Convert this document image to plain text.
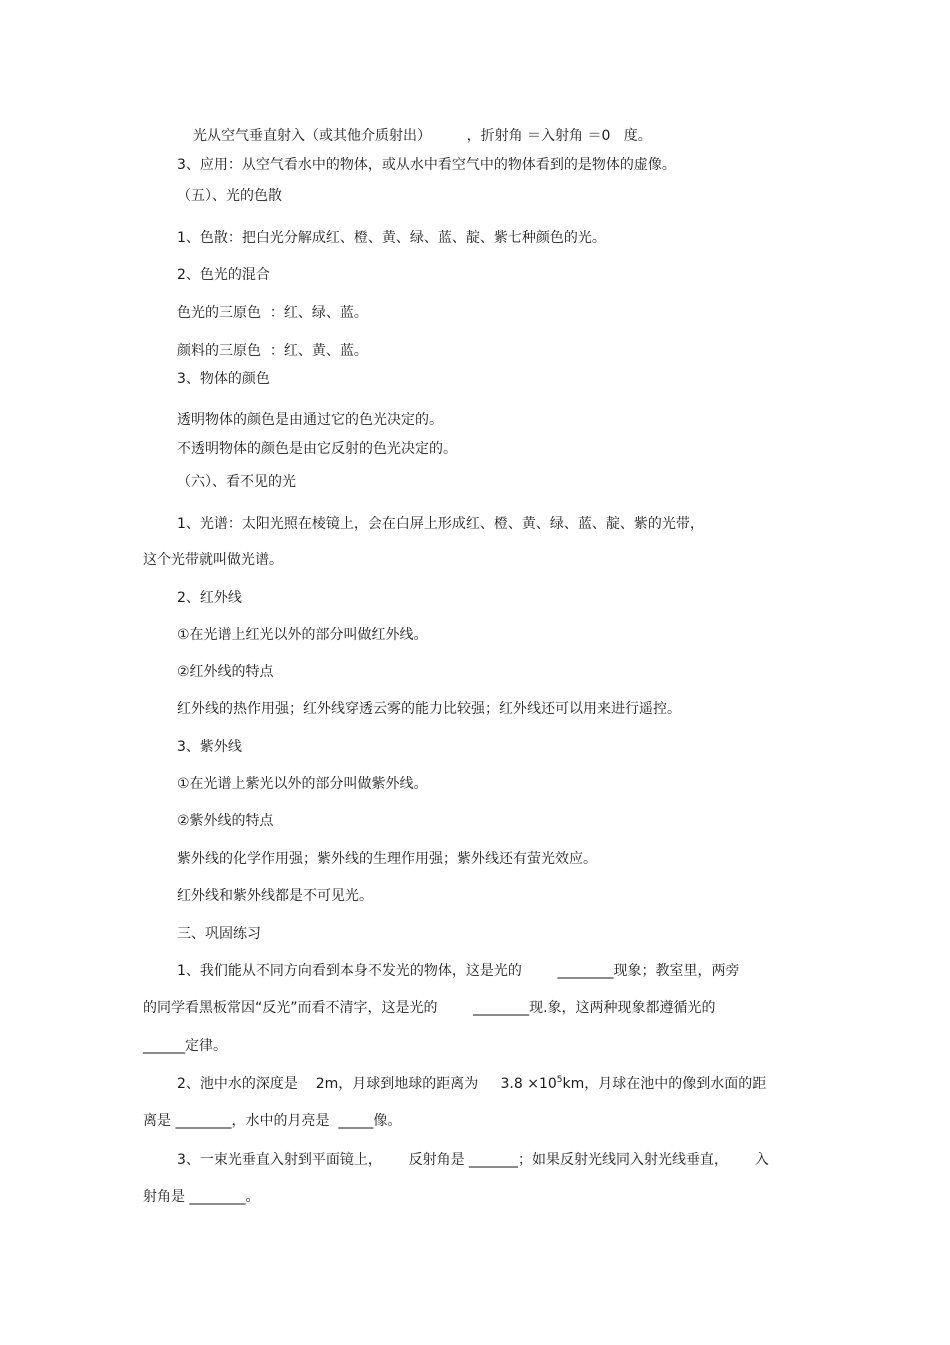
光从空气垂直射入（或其他介质射出）        ，折射角 ＝入射角 ＝0   度。
3、应用：从空气看水中的物体，或从水中看空气中的物体看到的是物体的虚像。
（五）、光的色散
1、色散：把白光分解成红、橙、黄、绿、蓝、靛、紫七种颜色的光。
2、色光的混合
色光的三原色  ：红、绿、蓝。
颜料的三原色  ：红、黄、蓝。
3、物体的颜色
透明物体的颜色是由通过它的色光决定的。
不透明物体的颜色是由它反射的色光决定的。
（六）、看不见的光
1、光谱：太阳光照在棱镜上，会在白屏上形成红、橙、黄、绿、蓝、靛、紫的光带，
这个光带就叫做光谱。
2、红外线
①在光谱上红光以外的部分叫做红外线。
②红外线的特点
红外线的热作用强；红外线穿透云雾的能力比较强；红外线还可以用来进行遥控。
3、紫外线
①在光谱上紫光以外的部分叫做紫外线。
②紫外线的特点
紫外线的化学作用强；紫外线的生理作用强；紫外线还有萤光效应。
红外线和紫外线都是不可见光。
三、巩固练习
1、我们能从不同方向看到本身不发光的物体，这是光的        ________现象；教室里，两旁
的同学看黑板常因“反光”而看不清字，这是光的        ________现.象，这两种现象都遵循光的
______定律。
2、池中水的深度是    2m，月球到地球的距离为     $3.8 \times 10^5km$，月球在池中的像到水面的距
离是 ________，水中的月亮是  _____像。
3、一束光垂直入射到平面镜上，      反射角是 _______；如果反射光线同入射光线垂直，      入
射角是 ________。
